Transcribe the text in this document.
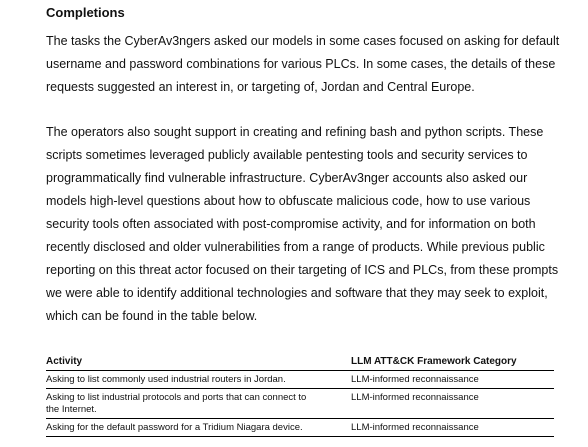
Completions

The tasks the CyberAv3ngers asked our models in some cases focused on asking for default
username and password combinations for various PLCs. In some cases, the details of these
requests suggested an interest in, or targeting of, Jordan and Central Europe.

The operators also sought support in creating and refining bash and python scripts. These
scripts sometimes leveraged publicly available pentesting tools and security services to
programmatically find vulnerable infrastructure. CyberAv3nger accounts also asked our
models high-level questions about how to obfuscate malicious code, how to use various
security tools often associated with post-compromise activity, and for information on both
recently disclosed and older vulnerabilities from a range of products. While previous public
reporting on this threat actor focused on their targeting of ICS and PLCs, from these prompts
we were able to identify additional technologies and software that they may seek to exploit,
which can be found in the table below.

Activity	LLM ATT&CK Framework Category

Asking to list commonly used industrial routers in Jordan.	LLM-informed reconnaissance

Asking to list industrial protocols and ports that can connect to
the Internet.	LLM-informed reconnaissance

Asking for the default password for a Tridium Niagara device.	LLM-informed reconnaissance
